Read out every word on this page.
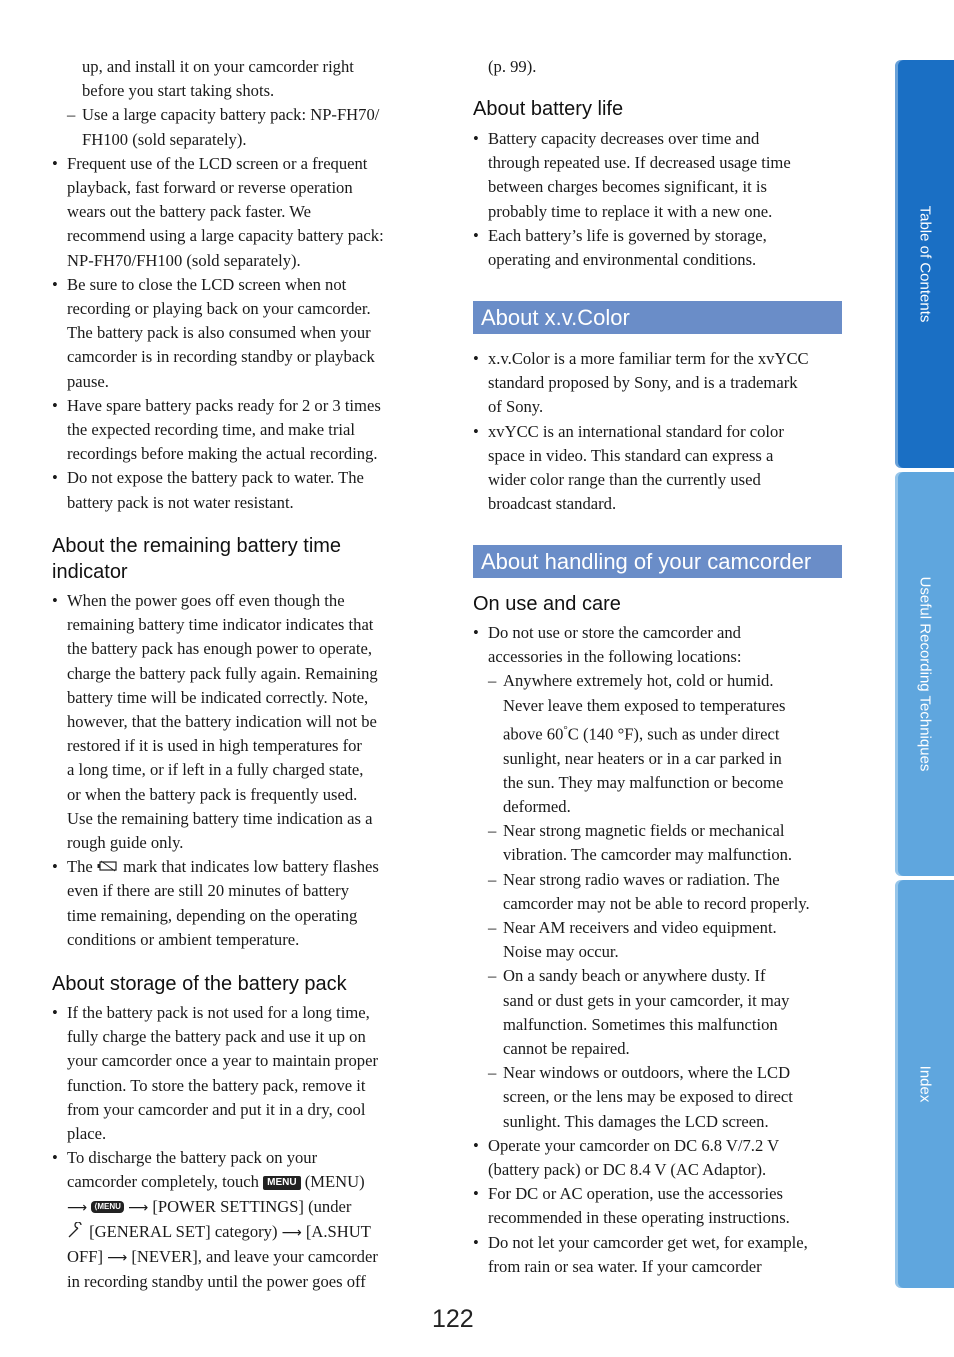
up, and install it on your camcorder right
before you start taking shots.
– Use a large capacity battery pack: NP-FH70/
FH100 (sold separately).
• Frequent use of the LCD screen or a frequent
playback, fast forward or reverse operation
wears out the battery pack faster. We
recommend using a large capacity battery pack:
NP-FH70/FH100 (sold separately).
• Be sure to close the LCD screen when not
recording or playing back on your camcorder.
The battery pack is also consumed when your
camcorder is in recording standby or playback
pause.
• Have spare battery packs ready for 2 or 3 times
the expected recording time, and make trial
recordings before making the actual recording.
• Do not expose the battery pack to water. The
battery pack is not water resistant.
About the remaining battery time
indicator
• When the power goes off even though the
remaining battery time indicator indicates that
the battery pack has enough power to operate,
charge the battery pack fully again. Remaining
battery time will be indicated correctly. Note,
however, that the battery indication will not be
restored if it is used in high temperatures for
a long time, or if left in a fully charged state,
or when the battery pack is frequently used.
Use the remaining battery time indication as a
rough guide only.
• The mark that indicates low battery flashes
even if there are still 20 minutes of battery
time remaining, depending on the operating
conditions or ambient temperature.
About storage of the battery pack
• If the battery pack is not used for a long time,
fully charge the battery pack and use it up on
your camcorder once a year to maintain proper
function. To store the battery pack, remove it
from your camcorder and put it in a dry, cool
place.
• To discharge the battery pack on your
camcorder completely, touch MENU (MENU)
⟶ ⟨MENU ⟶ [POWER SETTINGS] (under
[GENERAL SET] category) ⟶ [A.SHUT
OFF] ⟶ [NEVER], and leave your camcorder
in recording standby until the power goes off
(p. 99).
About battery life
• Battery capacity decreases over time and
through repeated use. If decreased usage time
between charges becomes significant, it is
probably time to replace it with a new one.
• Each battery’s life is governed by storage,
operating and environmental conditions.
About x.v.Color
• x.v.Color is a more familiar term for the xvYCC
standard proposed by Sony, and is a trademark
of Sony.
• xvYCC is an international standard for color
space in video. This standard can express a
wider color range than the currently used
broadcast standard.
About handling of your camcorder
On use and care
• Do not use or store the camcorder and
accessories in the following locations:
– Anywhere extremely hot, cold or humid.
Never leave them exposed to temperatures
above 60°C (140 °F), such as under direct
sunlight, near heaters or in a car parked in
the sun. They may malfunction or become
deformed.
– Near strong magnetic fields or mechanical
vibration. The camcorder may malfunction.
– Near strong radio waves or radiation. The
camcorder may not be able to record properly.
– Near AM receivers and video equipment.
Noise may occur.
– On a sandy beach or anywhere dusty. If
sand or dust gets in your camcorder, it may
malfunction. Sometimes this malfunction
cannot be repaired.
– Near windows or outdoors, where the LCD
screen, or the lens may be exposed to direct
sunlight. This damages the LCD screen.
• Operate your camcorder on DC 6.8 V/7.2 V
(battery pack) or DC 8.4 V (AC Adaptor).
• For DC or AC operation, use the accessories
recommended in these operating instructions.
• Do not let your camcorder get wet, for example,
from rain or sea water. If your camcorder
122
Table of Contents
Useful Recording Techniques
Index
